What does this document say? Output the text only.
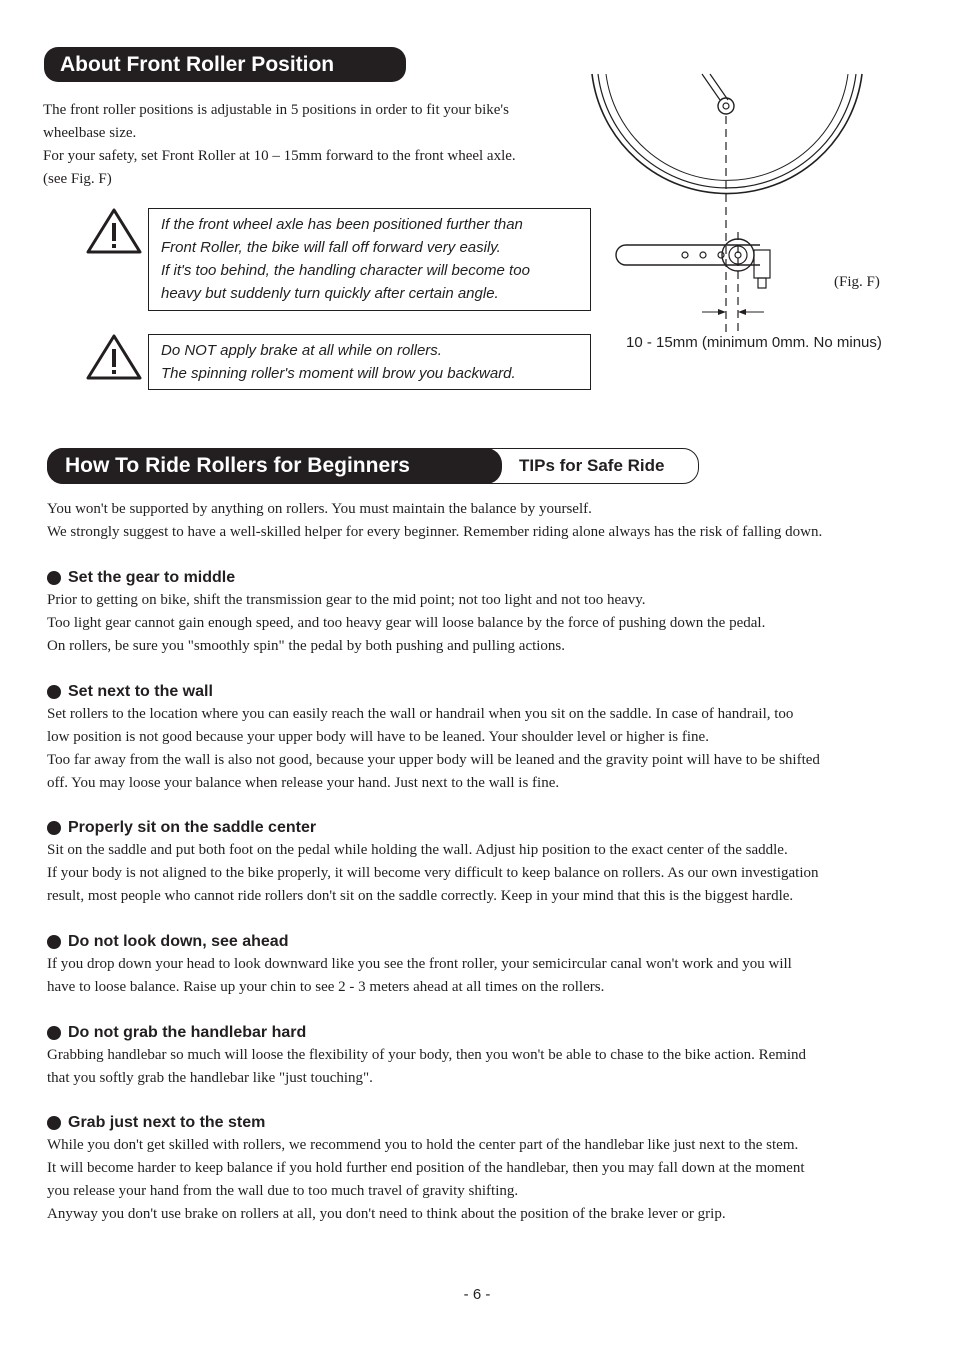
About Front Roller Position
The front roller positions is adjustable in 5 positions in order to fit your bike's
wheelbase size.
For your safety, set Front Roller at 10 – 15mm forward to the front wheel axle.
(see Fig. F)
If the front wheel axle has been positioned further than
Front Roller, the bike will fall off forward very easily.
If it's too behind, the handling character will become too
heavy but suddenly turn quickly after certain angle.
Do NOT apply brake at all while on rollers.
The spinning roller's moment will brow you backward.
(Fig. F)
10 - 15mm (minimum 0mm. No minus)
How To Ride Rollers for Beginners	TIPs for Safe Ride
You won't be supported by anything on rollers. You must maintain the balance by yourself.
We strongly suggest to have a well-skilled helper for every beginner. Remember riding alone always has the risk of falling down.
Set the gear to middle

Prior to getting on bike, shift the transmission gear to the mid point; not too light and not too heavy.

Too light gear cannot gain enough speed, and too heavy gear will loose balance by the force of pushing down the pedal.

On rollers, be sure you "smoothly spin" the pedal by both pushing and pulling actions.

Set next to the wall

Set rollers to the location where you can easily reach the wall or handrail when you sit on the saddle. In case of handrail, too

low position is not good because your upper body will have to be leaned. Your shoulder level or higher is fine.

Too far away from the wall is also not good, because your upper body will be leaned and the gravity point will have to be shifted

off. You may loose your balance when release your hand. Just next to the wall is fine.

Properly sit on the saddle center

Sit on the saddle and put both foot on the pedal while holding the wall. Adjust hip position to the exact center of the saddle.

If your body is not aligned to the bike properly, it will become very difficult to keep balance on rollers. As our own investigation

result, most people who cannot ride rollers don't sit on the saddle correctly. Keep in your mind that this is the biggest hardle.

Do not look down, see ahead

If you drop down your head to look downward like you see the front roller, your semicircular canal won't work and you will

have to loose balance. Raise up your chin to see 2 - 3 meters ahead at all times on the rollers.

Do not grab the handlebar hard

Grabbing handlebar so much will loose the flexibility of your body, then you won't be able to chase to the bike action. Remind

that you softly grab the handlebar like "just touching".

Grab just next to the stem

While you don't get skilled with rollers, we recommend you to hold the center part of the handlebar like just next to the stem.

It will become harder to keep balance if you hold further end position of the handlebar, then you may fall down at the moment

you release your hand from the wall due to too much travel of gravity shifting.

Anyway you don't use brake on rollers at all, you don't need to think about the position of the brake lever or grip.

- 6 -
